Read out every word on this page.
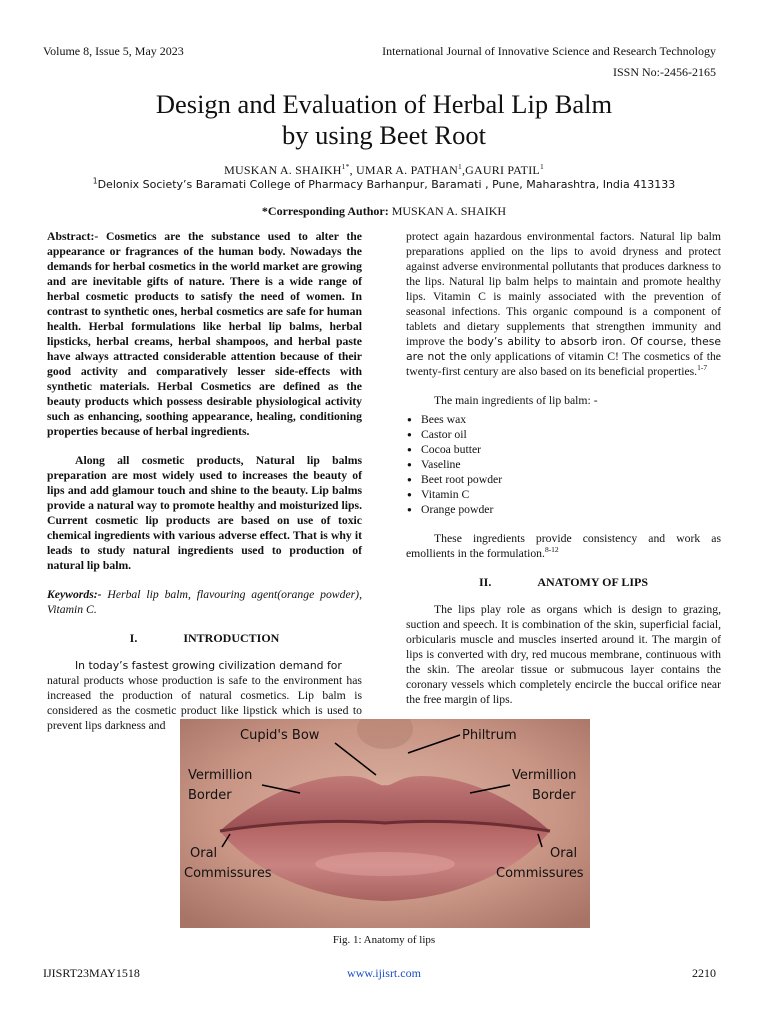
Volume 8, Issue 5, May 2023	International Journal of Innovative Science and Research Technology
ISSN No:-2456-2165
Design and Evaluation of Herbal Lip Balm
by using Beet Root
MUSKAN A. $SHAIKH^{1*}$, UMAR A. PATHAN$^1$,GAURI PATIL$^1$
$^1$Delonix Society’s Baramati College of Pharmacy Barhanpur, Baramati , Pune, Maharashtra, India 413133
*Corresponding Author: MUSKAN A. SHAIKH

Abstract:- Cosmetics are the substance used to alter the appearance or fragrances of the human body. Nowadays the demands for herbal cosmetics in the world market are growing and are inevitable gifts of nature. There is a wide range of herbal cosmetic products to satisfy the need of women. In contrast to synthetic ones, herbal cosmetics are safe for human health. Herbal formulations like herbal lip balms, herbal lipsticks, herbal creams, herbal shampoos, and herbal paste have always attracted considerable attention because of their good activity and comparatively lesser side-effects with synthetic materials. Herbal Cosmetics are defined as the beauty products which possess desirable physiological activity such as enhancing, soothing appearance, healing, conditioning properties because of herbal ingredients.

Along all cosmetic products, Natural lip balms preparation are most widely used to increases the beauty of lips and add glamour touch and shine to the beauty. Lip balms provide a natural way to promote healthy and moisturized lips. Current cosmetic lip products are based on use of toxic chemical ingredients with various adverse effect. That is why it leads to study natural ingredients used to production of natural lip balm.

Keywords:- Herbal lip balm, flavouring agent(orange powder), Vitamin C.

I.	INTRODUCTION

In today’s fastest growing civilization demand for

natural products whose production is safe to the environment has increased the production of natural cosmetics. Lip balm is considered as the cosmetic product like lipstick which is used to prevent lips darkness and

protect again hazardous environmental factors. Natural lip balm preparations applied on the lips to avoid dryness and protect against adverse environmental pollutants that produces darkness to the lips. Natural lip balm helps to maintain and promote healthy lips. Vitamin C is mainly associated with the prevention of seasonal infections. This organic compound is a component of tablets and dietary supplements that strengthen immunity and improve the body’s ability to absorb iron. Of course, these are not the only applications of vitamin C! The cosmetics of the twenty-first century are also based on its beneficial properties.$^{1-7}$

The main ingredients of lip balm: -

● Bees wax
● Castor oil
● Cocoa butter
● Vaseline
● Beet root powder
● Vitamin C
● Orange powder

These ingredients provide consistency and work as emollients in the formulation.$^{8-12}$

II.	ANATOMY OF LIPS

The lips play role as organs which is design to grazing, suction and speech. It is combination of the skin, superficial facial, orbicularis muscle and muscles inserted around it. The margin of lips is converted with dry, red mucous membrane, continuous with the skin. The areolar tissue or submucous layer contains the coronary vessels which completely encircle the buccal orifice near the free margin of lips.

Cupid's Bow	Philtrum
Vermillion
Border
Vermillion
Border
Oral
Commissures
Oral
Commissures
Fig. 1: Anatomy of lips
IJISRT23MAY1518	www.ijisrt.com	2210
